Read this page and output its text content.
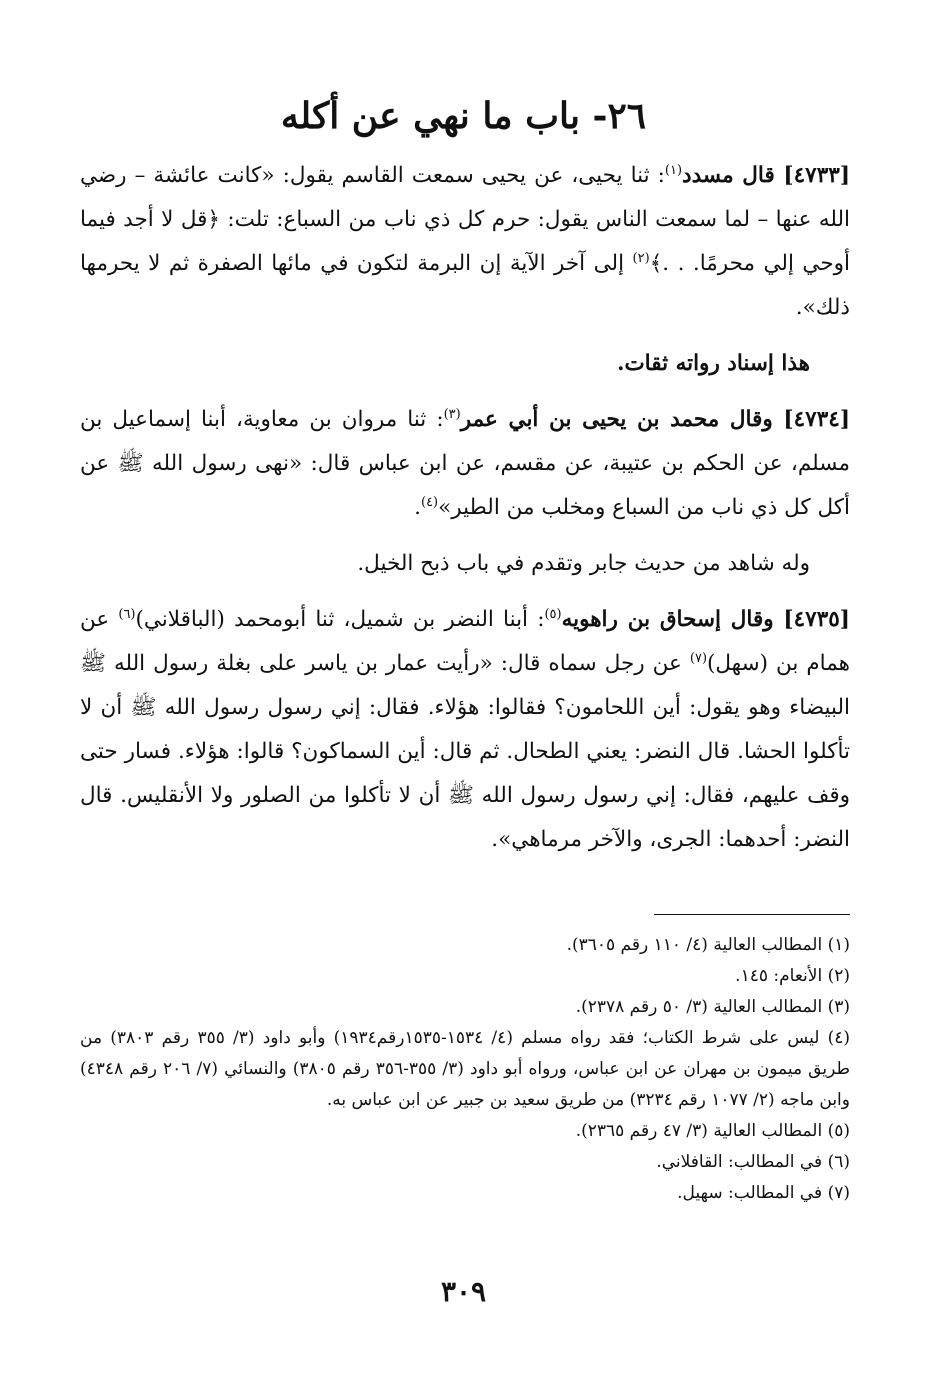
٢٦- باب ما نهي عن أكله

[٤٧٣٣] قال مسدد$^{(١)}$: ثنا يحيى، عن يحيى سمعت القاسم يقول: «كانت عائشة – رضي الله عنها – لما سمعت الناس يقول: حرم كل ذي ناب من السباع: تلت: ﴿قل لا أجد فيما أوحي إلي محرمًا. . .﴾$^{(٢)}$ إلى آخر الآية إن البرمة لتكون في مائها الصفرة ثم لا يحرمها ذلك».

هذا إسناد رواته ثقات.

[٤٧٣٤] وقال محمد بن يحيى بن أبي عمر$^{(٣)}$: ثنا مروان بن معاوية، أبنا إسماعيل بن مسلم، عن الحكم بن عتيبة، عن مقسم، عن ابن عباس قال: «نهى رسول الله ﷺ عن أكل كل ذي ناب من السباع ومخلب من الطير»$^{(٤)}$.

وله شاهد من حديث جابر وتقدم في باب ذبح الخيل.

[٤٧٣٥] وقال إسحاق بن راهويه$^{(٥)}$: أبنا النضر بن شميل، ثنا أبومحمد (الباقلاني)$^{(٦)}$ عن همام بن (سهل)$^{(٧)}$ عن رجل سماه قال: «رأيت عمار بن ياسر على بغلة رسول الله ﷺ البيضاء وهو يقول: أين اللحامون؟ فقالوا: هؤلاء. فقال: إني رسول رسول الله ﷺ أن لا تأكلوا الحشا. قال النضر: يعني الطحال. ثم قال: أين السماكون؟ قالوا: هؤلاء. فسار حتى وقف عليهم، فقال: إني رسول رسول الله ﷺ أن لا تأكلوا من الصلور ولا الأنقليس. قال النضر: أحدهما: الجرى، والآخر مرماهي».

(١) المطالب العالية (٤/ ١١٠ رقم ٣٦٠٥).

(٢) الأنعام: ١٤٥.

(٣) المطالب العالية (٣/ ٥٠ رقم ٢٣٧٨).

(٤) ليس على شرط الكتاب؛ فقد رواه مسلم (٤/ ١٥٣٤-١٥٣٥رقم١٩٣٤) وأبو داود (٣/ ٣٥٥ رقم ٣٨٠٣) من طريق ميمون بن مهران عن ابن عباس، ورواه أبو داود (٣/ ٣٥٥-٣٥٦ رقم ٣٨٠٥) والنسائي (٧/ ٢٠٦ رقم ٤٣٤٨) وابن ماجه (٢/ ١٠٧٧ رقم ٣٢٣٤) من طريق سعيد بن جبير عن ابن عباس به.

(٥) المطالب العالية (٣/ ٤٧ رقم ٢٣٦٥).

(٦) في المطالب: القافلاني.

(٧) في المطالب: سهيل.

٣٠٩
